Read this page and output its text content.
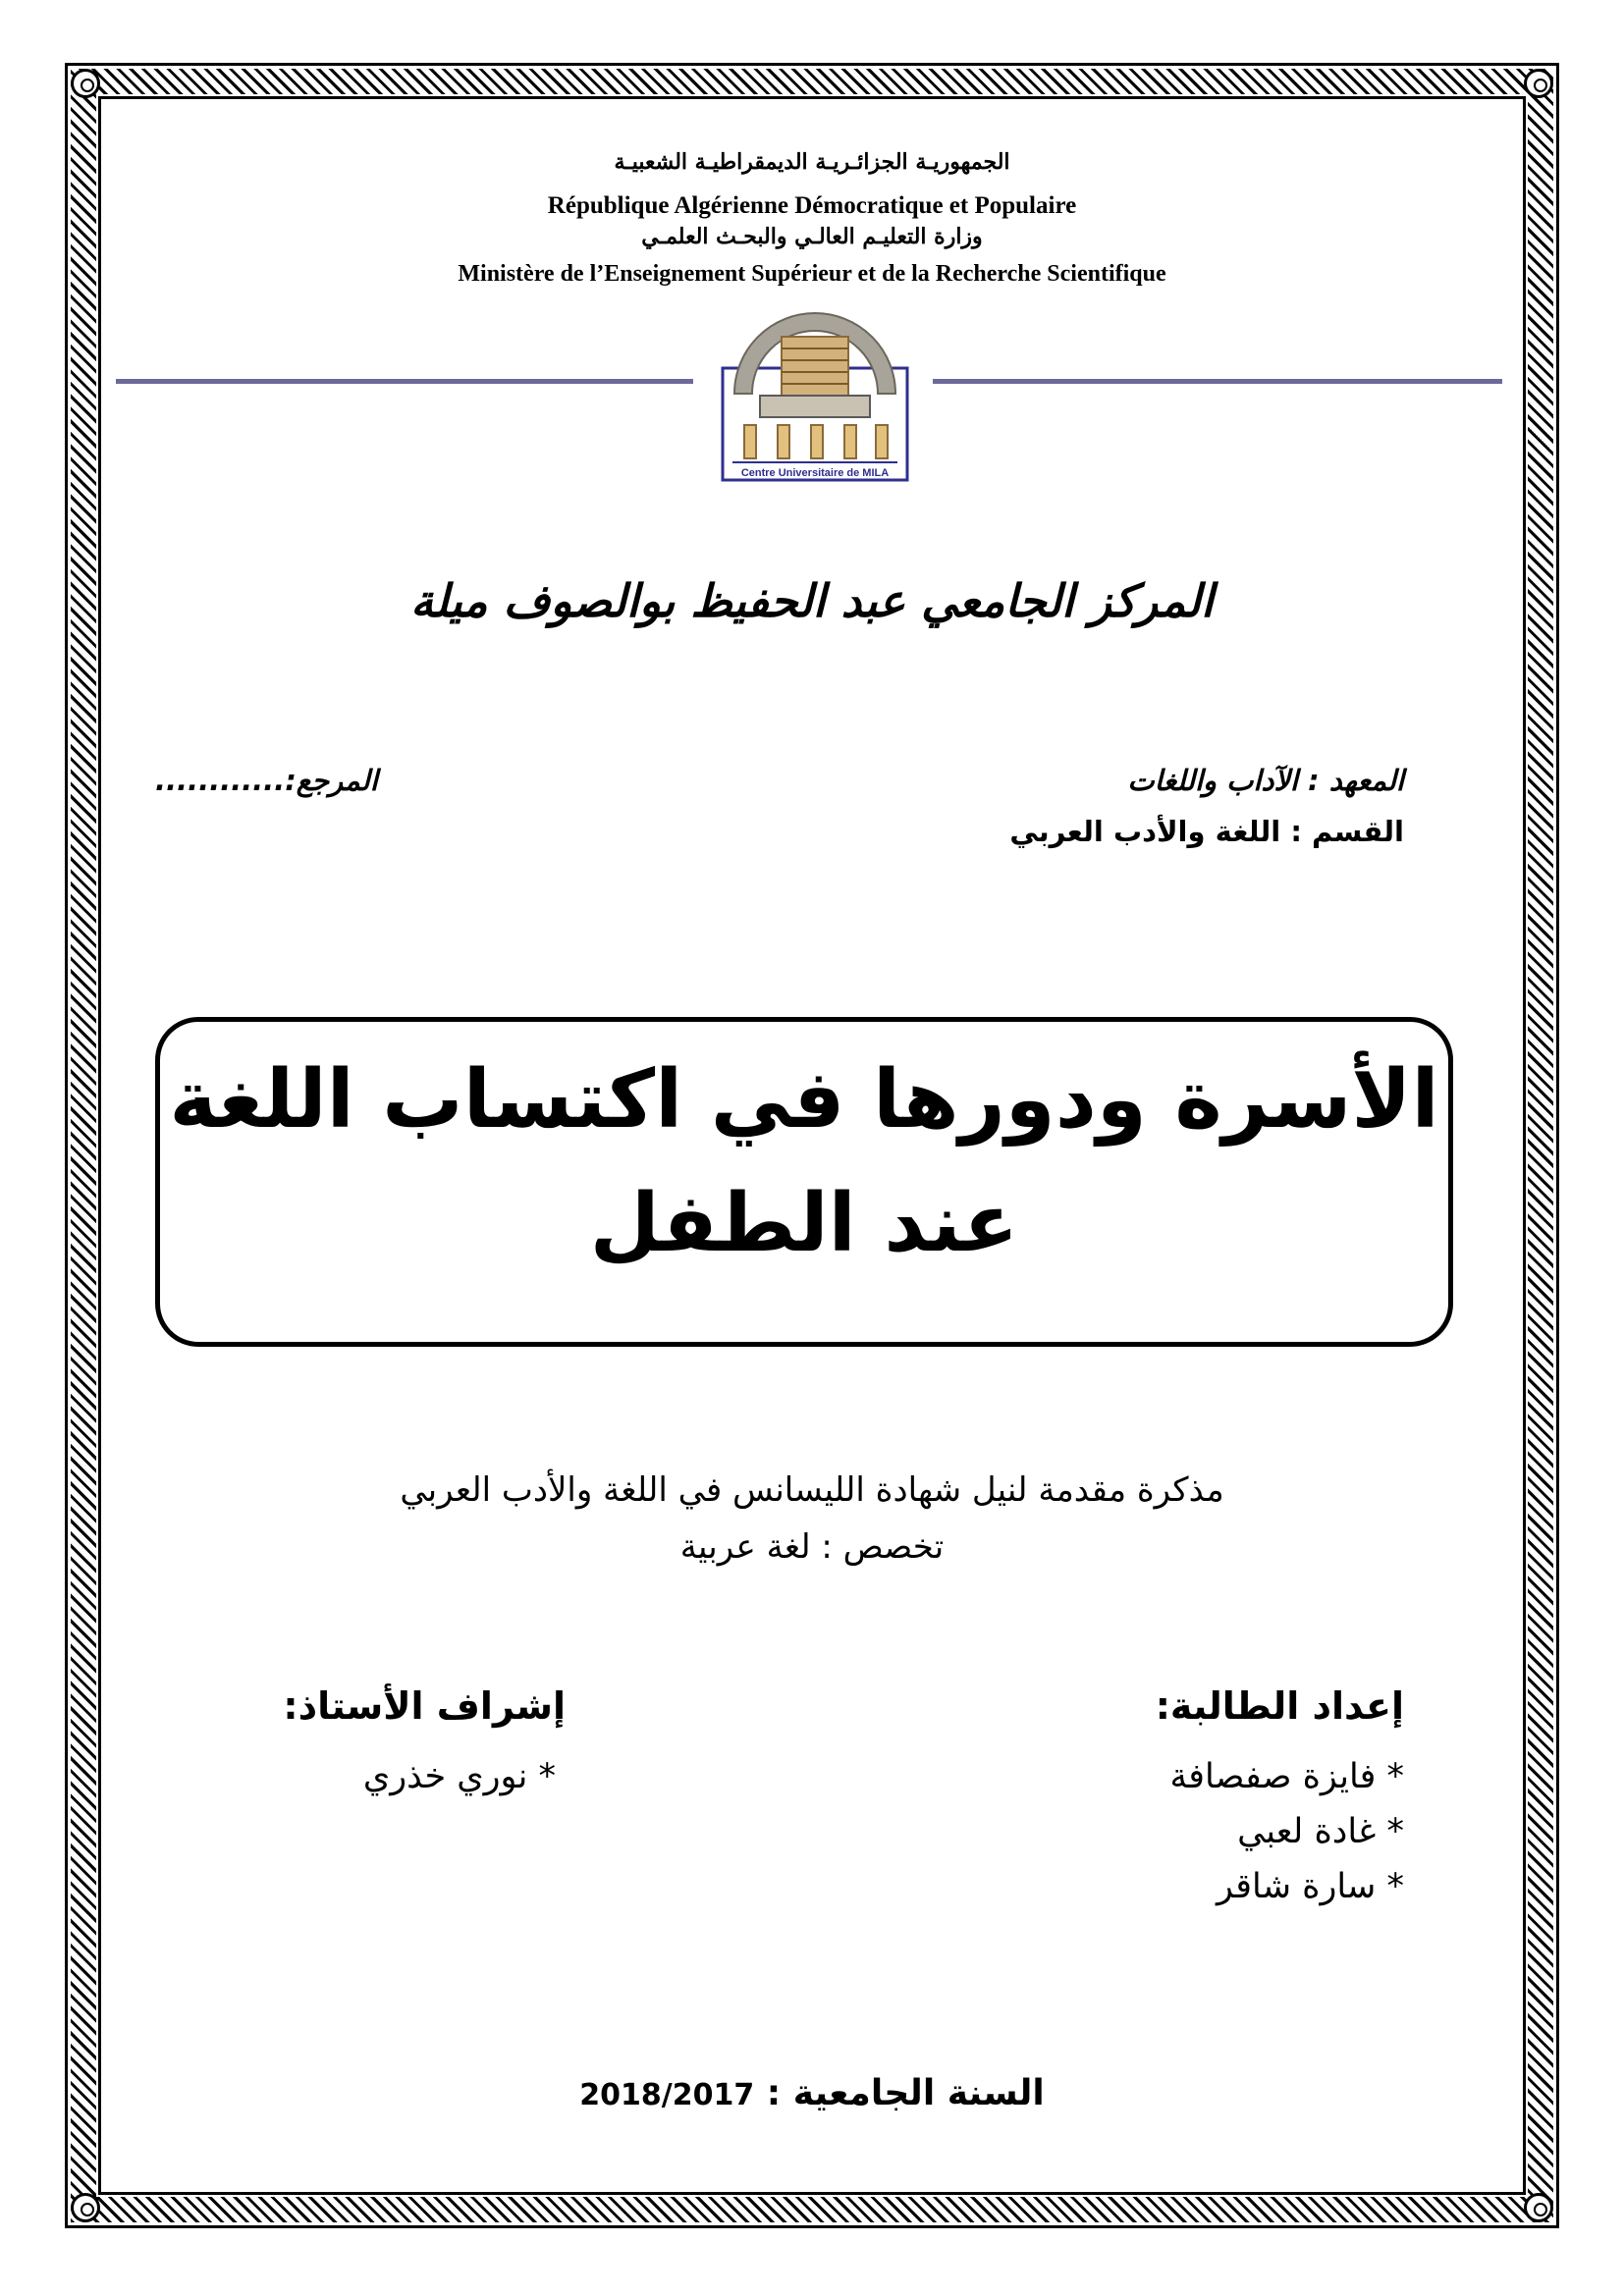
الجمهوريـة الجزائـريـة الديمقراطيـة الشعبيـة
République Algérienne Démocratique et Populaire
وزارة التعليـم العالـي والبحـث العلمـي
Ministère de l’Enseignement Supérieur et de la Recherche Scientifique
Centre Universitaire de MILA
المركز الجامعي عبد الحفيظ بوالصوف ميلة
المعهد : الآداب واللغات
القسم : اللغة والأدب العربي
المرجع:............
الأسرة ودورها في اكتساب اللغة
عند الطفل
مذكرة مقدمة لنيل شهادة الليسانس في اللغة والأدب العربي
تخصص : لغة عربية
إعداد الطالبة:
* فايزة صفصافة
* غادة لعبي
* سارة شاقر
إشراف الأستاذ:
* نوري خذري
السنة الجامعية : 2018/2017
